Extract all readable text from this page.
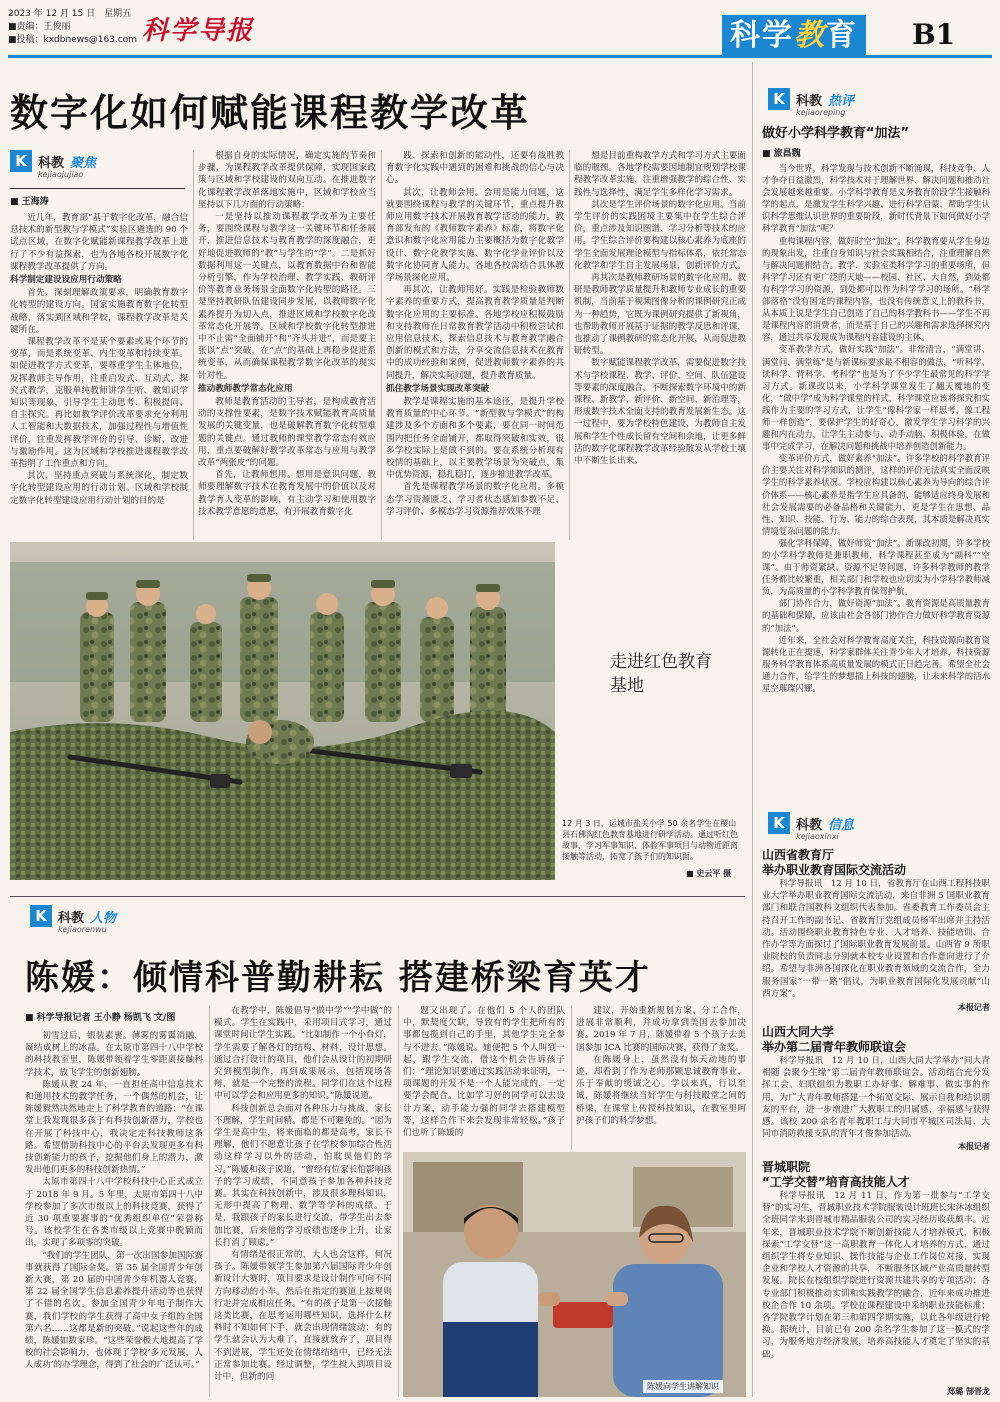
2023 年 12 月 15 日　星期五
■责编：王俊丽
■投稿：kxdbnews@163.com 科学导报	科学教育 B1
数字化如何赋能课程教学改革
K 科教 聚焦
kejiaojujiao
■ 王海涛

近几年，教育部“基于数字化改革，融合信息技术的新型教与学模式”实验区遴选的 90 个试点区域，在数字化赋能新课程教学改革上进行了不少有益探索，也为各地各校开展数字化课程教学改革提供了方向。

科学制定建设设应用行动策略

首先，深刻理解政策要求，明确教育数字化转型的建设方向。国家实施教育数字化转型战略，落实到区域和学校，课程教学改革是关键所在。

课程教学改革不是某个要素或某个环节的变革，而是系统变革、内生变革和持续变革。如促进教学方式变革，要尊重学生主体地位，发挥教师主导作用，注重启发式、互动式、探究式教学，克服单纯教师讲学生听、教知识学知识等现象，引导学生主动思考、积极提问、自主探究。再比如教学评价改革要求充分利用人工智能和大数据技术，加强过程性与增值性评价，注重发挥教学评价的引导、诊断、改进与激励作用。这为区域和学校推进课程教学改革指明了工作重点和方向。

其次，坚持重点突破与系统深化，制定数字化转型建设应用的行动计划。区域和学校制定数字化转型建设应用行动计划的目的是

根据自身的实际情况，确定实施的节奏和步骤，为课程教学改革提供保障，实现国家政策与区域和学校建设的双向互动。在推进数字化课程教学改革落地实施中，区域和学校应当坚持以下几方面的行动策略：

一是坚持以推动课程教学改革为主要任务，要围绕课程与教学这一关键环节和任务展开，推进信息技术与教育教学的深度融合，更好地促进教师的“教”与学生的“学”。二是抓好数据利用这一关键点，以教育数据中台和智能分析引擎，作为学校治理、教学实践、教研评价等教育业务场景全面数字化转型的路径。三是坚持教研队伍建设同步发展，以教师数字化素养提升为切入点，推进区域和学校数字化改革常态化开展等。区域和学校数字化转型推进中不止需“全面铺开”和“齐头并进”，而是要主张以“点”突破，在“点”的基础上再稳步促进系统变革，从而确保课程教学数字化改革的现实针对性。

推动教师教学常态化应用

教师是教育活动的主导者，是构成教育活动的支撑性要素，是数字技术赋能教育高质量发展的关键变量，也是破解教育数字化转型难题的关键点。通过教师的课堂教学常态有效应用，重点要破解好教学改革常态与应用与教学改革“两张皮”的问题。

首先，让教师想用。想用是意识问题，教师要理解数字技术在教育发展中的价值以及对教学育人变革的影响，有主动学习和使用数字技术教学意愿的意愿，有开展教育数字化

践、探索和创新的能动性，还要有战胜教育数字化实践中遇到的困难和挑战的信心与决心。

其次，让教师会用。会用是能力问题，这就要围绕课程与教学的关键环节，重点提升教师应用数字技术开展教育教学活动的能力。教育部发布的《教师数字素养》标准，将数字化意识和数字化应用能力主要概括为数字化教学设计、数字化教学实施、数字化学业评价以及数字化协同育人能力。各地各校需结合具体教学场景深化应用。

再其次，让教师用好。实践是检验教师数字素养的重要方式，提高教育教学质量是判断数字化应用的主要标准。各地学校应积极鼓励和支持教师在日常教育教学活动中积极尝试和应用信息技术，探索信息技术与教育教学融合创新的模式和方法，分享交流信息技术在教育中的成功经验和案例，促进教师数字素养的共同提升，解决实际问题，提升教育质量。

抓住教学场景实现改革突破

教学是课程实施的基本途径，是提升学校教育质量的中心环节。“新型教与学模式”的构建涉及多个方面和多个要素，要在同一时间范围内把任务全面铺开，都取得突破和实效，很多学校实际上是做不到的。要在系统分析现有校情的基础上，以主要教学场景为突破点，集中优势资源，稳扎稳打，逐步推进教学改革。

首先是课程教学场景的数字化应用。多模态学习资源匮乏、学习者状态感知参数不足、学习评价、多模态学习资源推荐效果不理

想是目前重构教学方式和学习方式主要面临的瓶颈。各地学校需要因地制宜规划学校课程教学改革实施，注重增强教学的综合性、实践性与选择性，满足学生多样化学习需求。

其次是学生评价场景的数字化应用。当前学生评价的实践困境主要集中在学生综合评价，重点涉及知识图谱、学习分析等技术的应用。学生综合评价要构建以核心素养为底座的学生全面发展理论模型与指标体系，依托常态化教学和学生自主发展场景，创新评价方式。

再其次是教师教研场景的数字化应用。教研是教师教学质量提升和教师专业成长的重要机制，当前基于视频图像分析的课例研究正成为一种趋势，它既为课例研究提供了新视角，也帮助教师开展基于证据的教学反思和评课，也推动了课例教研的常态化开展，从而促进教研转型。

数字赋能课程教学改革，需要促进数字技术与学校课程、教学、评价、空间、队伍建设等要素的深度融合，不断探索数字环境中的新课程、新教学、新评价、新空间、新治理等，形成数字技术全面支持的教育发展新生态。这一过程中，要为学校特色建设、为教师自主发展和学生个性成长留有空间和余地，让更多鲜活的数字化课程教学改革经验散发从学校土壤中不断生长出来。

走进红色教育基地
12 月 3 日，运城市盐关小学 50 余名学生在稷山县石佛沟红色教育基地进行研学活动。通过听红色故事、学习军事知识、体验军事项目与动物近距离接触等活动，拓宽了孩子们的知识面。
■ 史云平 摄
K 科教 热评
kejiaoreping
做好小学科学教育“加法”
■ 旅昌魏

当今世界，科学发现与技术创新不断涌现，科技竞争、人才争夺日益激烈，科学技术对于理解世界、解决问题和推动社会发展越来越重要。小学科学教育是义务教育阶段学生接触科学的起点，是激发学生科学兴趣、进行科学启蒙、帮助学生认识科学思维认识世界的重要阶段，新时代背景下如何做好小学科学教育“加法”呢？

重构课程内容，做好时空“加法”。科学教育要从学生身边的现象出发，注重自身知识与社会实践相结合，注重理解自然与解决问题相结合。教学、实验室类科学学习的重要场所，但科学学习还有更广泛的天地——校园、社区、大自然，到处都有科学学习的资源，到处都可以作为科学学习的场所。“科学部落格”没有固定的课程内容，也没有传统意义上的教科书，从本质上说是学生自己创造了自己的科学教科书——学生不再是课程内容的消费者，而是基于自己的兴趣和需求选择探究内容，通过共享发现成为课程内容建设的主体。

变革教学方式，做好实践“加法”。非常清言，“满堂讲、满堂问、满堂练”是与新课标要求最不相容的做法，“听科学、读科学、背科学、考科学”也是为了不少学生最常见的科学学习方式。新课改以来，小学科学课堂发生了翻天覆地的变化，“做中学”成为科学课堂的样式，科学课堂应该将探究和实践作为主要的学习方式，让学生“像科学家一样思考，像工程师一样创造”，要保护学生的好奇心，激发学生学习科学的兴趣和内在动力，让学生主动参与、动手动脑、积极体验，在做事中完成学习，在解决问题和挑战中培养创造创新能力。

变革评价方式，做好素养“加法”。许多学校的科学教育评价主要关注对科学知识的测评，这样的评价无法真实全面反映学生的科学素养状况。学校应构建以核心素养为导向的综合评价体系——核心素养是指学生应具备的、能够适应终身发展和社会发展需要的必备品格和关键能力，更是学生在思想、品性、知识、技能、行为、能力的综合表现，其本质是解决真实情境复杂问题的能力。

强化学科保障，做好师资“加法”。新课改初期，许多学校的小学科学教师是兼职教师，科学课程甚至成为“副科”“空课”。由于师资紧缺、资源不足等问题，许多科学教师的教学任务都比较繁重，相关部门和学校也应切实为小学科学教师减负，为高质量的小学科学教育保驾护航。

部门协作合力，做好资源“加法”。教育资源是高质量教育的基础和保障，应该由社会各部门协作合力做好科学教育资源的“加法”。

近年来，全社会对科学教育高度关注，科技资源向教育资源转化正在提速，科学家群体关注青少年人才培养，科技资源服务科学教育体系高质量发展的模式正日趋完善。希望全社会通力合作，给学生的梦想插上科技的翅膀，让未来科学的活水星空璀璨闪耀。

K 科教 信息
kejiaoxinxi
山西省教育厅
举办职业教育国际交流活动

科学导报讯　12 月 10 日，省教育厅在山西工程科技职业大学举办职业教育国际交流活动，来自非洲 5 国职业教育部门和联合国教科文组织代表参加。省委教育工作委员会主持召开工作的副书记、省教育厅党组成员杨军出席并主持活动。活动围绕职业教育特色专业、人才培养、技能培训、合作办学等方面探讨了国际职业教育发展前景。山西省 9 所职业院校的负责同志分别就本校专业设置和合作意向进行了介绍。希望与非洲各国深化在职业教育领域的交流合作，全力服务国家“一带一路”倡议，为职业教育国际化发展贡献“山西方案”。

本报记者
山西大同大学
举办第二届青年教师联谊会

科学导报讯　12 月 10 日，山西大同大学举办“同大青相随 会聚今生缘”第二届青年教师联谊会。活动结合充分发挥工会、妇联组织为教职工办好事、解难事、做实事的作用，为广大青年教师搭建一个拓宽交际、展示自我和结识朋友的平台，进一步增进广大教职工的归属感、幸福感与获得感。该校 200 余名青年教职工与大同市平城区司法局、大同市消防救援支队的青年才俊参加活动。

本报记者
晋城职院
“工学交替”培育高技能人才

科学导报讯　12 月 11 日，作为第一批参与“工学交替”的实习生，晋城职业技术学院服装设计班班长宋沐冰组织全班同学来到晋城市精品服装公司的实习经历收获颇丰。近年来，晋城职业技术学院不断创新技能人才培养模式，积极探索“工学交替”这一高职教育一体化人才培养的方式，通过组织学生将专业知识、操作技能与企业工作岗位对接，实现企业和学校人才资源的共享，不断服务区域产业高质量转型发展。院长在校组织学院进行资源共建共享的专项活动；各专业部门积极推动实训和实践教学的融合，近年来成功推进校企合作 10 余项。学校在课程建设中采纳职业技能标准；各学院教学计划在第三和第四学期实施，以此各年级进行轮换。据统计，目前已有 200 余名学生参加了这一模式的学习，为服务地方经济发展，培养高技能人才奠定了坚实的基础。

郑璐 郜晋龙
K 科教 人物
kejiaorenwu
陈媛：倾情科普勤耕耘 搭建桥梁育英才
■ 科学导报记者 王小静 杨凯飞 文/图

初雪过后，银装素裹。薄雾的雾霭消融，凝结成树上的冰晶。在太原市第四十八中学校的科技教室里，陈媛带领着学生零距离接触科学技术，放飞学生的创新翅膀。

陈媛从教 24 年，一直担任高中信息技术和通用技术的教学任务，一个偶然的机会，让陈媛毅然决然地走上了科学教育的道路：“在课堂上我发现很多孩子有科技创新潜力，学校也在开展了科技中心，我决定走科技教师这条路。希望借助科技中心的平台去发现更多有科技创新能力的孩子，挖掘他们身上的潜力，激发出他们更多的科技创新热情。”

太原市第四十八中学校科技中心正式成立于 2018 年 9 月。5 年里，太原市第四十八中学校参加了多次市级以上的科技竞赛，获得了近 30 项重要赛事的“优秀组织单位”荣誉称号。该校学生在各类市级以上竞赛中脱颖而出，实现了多项零的突破。

“我们的学生团队，第一次出国参加国际赛事就获得了国际金奖。第 35 届全国青少年创新大赛，第 20 届的中国青少年机器人竞赛，第 22 届全国学生信息素养提升活动等也获得了不错的名次。参加全国青少年电子制作大赛，我们学校的学生获得了高中女子组的全国第六名……这都是新的突破。”说起这些年的成绩，陈媛如数家珍。“这些荣誉极大地提高了学校的社会影响力，也体现了学校‘多元发展，人人成功’的办学理念，得到了社会的广泛认可。”

在教学中，陈媛倡导“做中学”“学中做”的模式。学生在实践中，采用项目式学习，通过课堂时间让学生实践。“比如制作一个小台灯，学生需要了解各灯的结构、材料，设计思想。通过合打设计的项目，他们会从设计的初期研究到模型制作，再到成果展示，包括现场答辩，就是一个完整的流程。同学们在这个过程中可以学会和应用更多的知识。”陈媛说道。

科技创新总会面对各种压力与挑战，家长不理解，学生时间精。都是不可避免的。“因为学生是高中生，将来面临的都是高考，家长不理解，他们不愿意让孩子在学校参加综合性活动这样学习以外的活动，怕耽误他们的学习。”陈媛和孩子说道，“曾经有位家长怕影响孩子的学习成绩，不同意孩子参加各种科技竞赛。其实在科技创新中，涉及很多理科知识，无形中提高了物理、数学等学科的成绩。于是，我跟孩子的家长进行交流，带学生出去参加比赛，后来他的学习成绩也逐步上升，让家长打消了顾虑。”

有情绪是很正常的，大人也会这样，何况孩子。陈媛带领学生参加第六届国际青少年创新设计大赛时，项目要求是设计制作可向不同方向移动的小车。然后在指定的赛道上按规则行走并完成相应任务。“有的孩子是第一次接触这类比赛，在思考运用哪些知识，选择什么材料时不知如何下手，就会出现情绪波动；有的学生就会认为大难了，直接就放弃了，项目得不到进展，学生还处在情绪结结中，已经无法正常参加比赛。经过调整，学生投入到项目设计中，但新的问

题又出现了。在他们 5 个人的团队中，默契度欠缺，导致有的学生把所有的事都包揽到自己的手里，其他学生完全参与不进去。”陈媛说。她便把 5 个人叫到一起，跟学生交流，借这个机会告诉孩子们：“理论知识要通过实践活动来证明，一项课题的开发不是一个人能完成的，一定要学会配合。比如学习好的同学可以去设计方案，动手能力强的同学去搭建模型等，这样合作下来会发现非常轻松。”孩子们也听了陈媛的

建议，开始重新规划方案、分工合作，进展非常顺利，并成功拿到美国去参加决赛。2019 年 7 月，陈媛带着 5 个孩子去美国参加 ICA 比赛的国际决赛，获得了金奖。

在陈媛身上，虽然没有惊天动地的事迹，却看到了作为老师那颗忠诚教育事业、乐于奉献的缓诚之心。学以来真，行以至诚，陈媛将继续当好学生与科技殿堂之间的桥梁，在课堂上传授科技知识，在教室里呵护孩子们的科学梦想。

陈媛向学生讲解知识
